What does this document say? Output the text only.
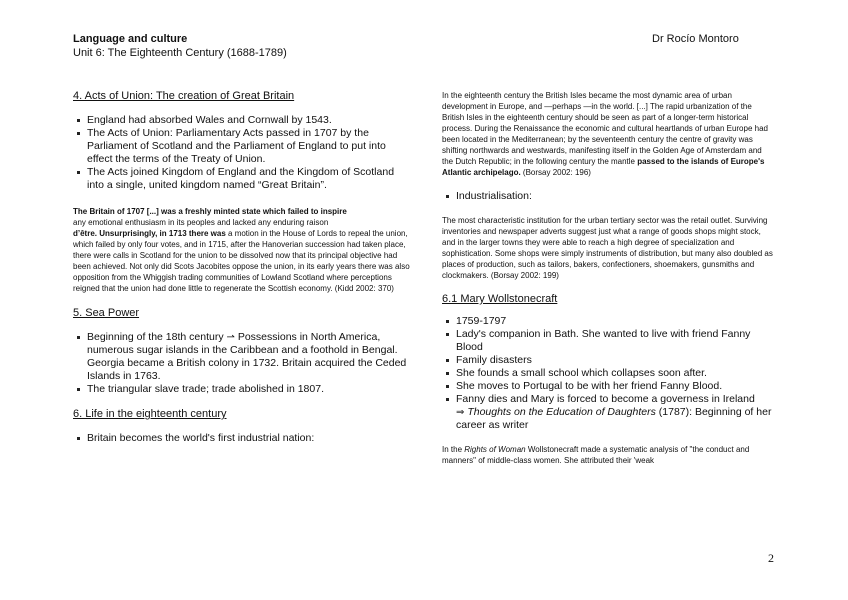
Language and culture
Unit 6: The Eighteenth Century (1688-1789)
Dr Rocío Montoro
4. Acts of Union: The creation of Great Britain
England had absorbed Wales and Cornwall by 1543.
The Acts of Union: Parliamentary Acts passed in 1707 by the Parliament of Scotland and the Parliament of England to put into effect the terms of the Treaty of Union.
The Acts joined Kingdom of England and the Kingdom of Scotland into a single, united kingdom named “Great Britain”.
The Britain of 1707 [...] was a freshly minted state which failed to inspire
any emotional enthusiasm in its peoples and lacked any enduring raison
d’être. Unsurprisingly, in 1713 there was a motion in the House of Lords to repeal the union, which failed by only four votes, and in 1715, after the Hanoverian succession had taken place, there were calls in Scotland for the union to be dissolved now that its principal objective had been achieved. Not only did Scots Jacobites oppose the union, in its early years there was also opposition from the Whiggish trading communities of Lowland Scotland where perceptions reigned that the union had done little to regenerate the Scottish economy. (Kidd 2002: 370)
5. Sea Power
Beginning of the 18th century ⇀ Possessions in North America, numerous sugar islands in the Caribbean and a foothold in Bengal. Georgia became a British colony in 1732. Britain acquired the Ceded Islands in 1763.
The triangular slave trade; trade abolished in 1807.
6. Life in the eighteenth century
Britain becomes the world's first industrial nation:
In the eighteenth century the British Isles became the most dynamic area of urban development in Europe, and —perhaps —in the world. [...] The rapid urbanization of the British Isles in the eighteenth century should be seen as part of a longer-term historical process. During the Renaissance the economic and cultural heartlands of urban Europe had been located in the Mediterranean; by the seventeenth century the centre of gravity was shifting northwards and westwards, manifesting itself in the Golden Age of Amsterdam and the Dutch Republic; in the following century the mantle passed to the islands of Europe's Atlantic archipelago. (Borsay 2002: 196)
Industrialisation:
The most characteristic institution for the urban tertiary sector was the retail outlet. Surviving inventories and newspaper adverts suggest just what a range of goods shops might stock, and in the larger towns they were able to reach a high degree of specialization and sophistication. Some shops were simply instruments of distribution, but many also doubled as places of production, such as tailors, bakers, confectioners, shoemakers, gunsmiths and clockmakers. (Borsay 2002: 199)
6.1 Mary Wollstonecraft
1759-1797
Lady's companion in Bath. She wanted to live with friend Fanny Blood
Family disasters
She founds a small school which collapses soon after.
She moves to Portugal to be with her friend Fanny Blood.
Fanny dies and Mary is forced to become a governess in Ireland
⇒ Thoughts on the Education of Daughters (1787): Beginning of her career as writer
In the Rights of Woman Wollstonecraft made a systematic analysis of "the conduct and manners" of middle-class women. She attributed their 'weak
2
